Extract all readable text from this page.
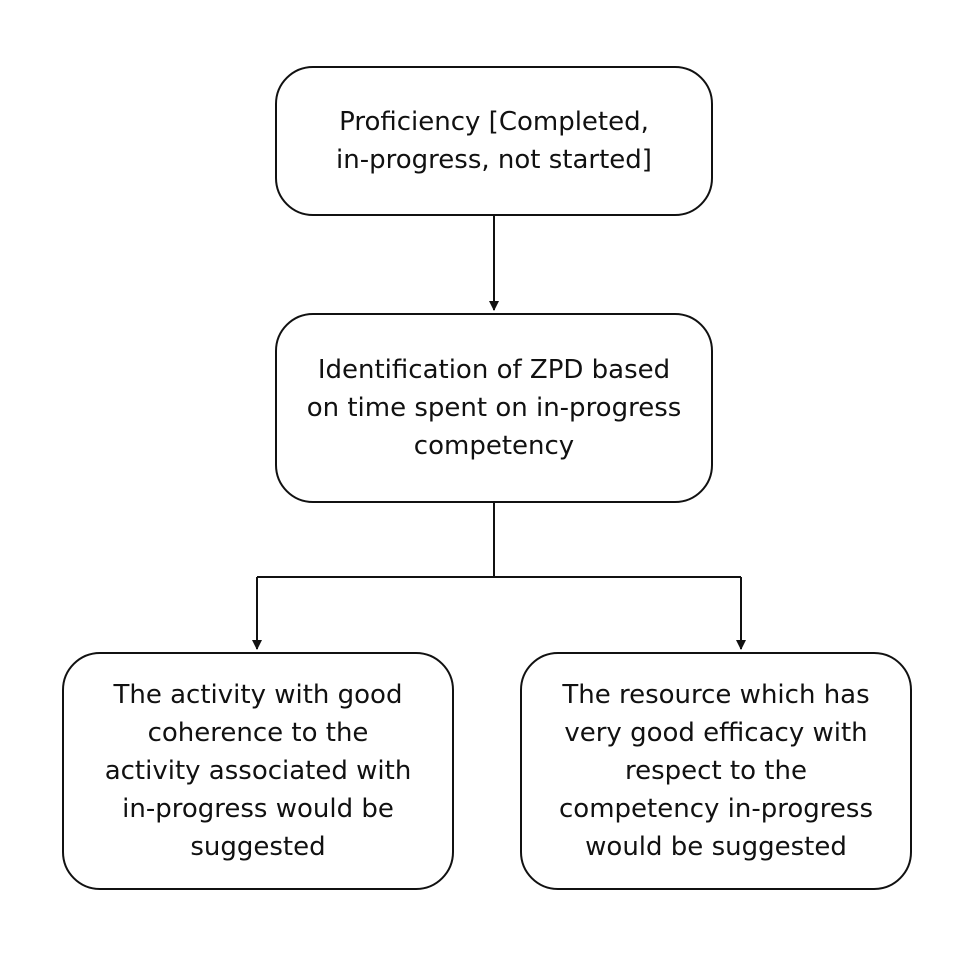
Proficiency [Completed, in-progress, not started]
Identification of ZPD based on time spent on in-progress competency
The activity with good coherence to the activity associated with in-progress would be suggested
The resource which has very good efficacy with respect to the competency in-progress would be suggested
